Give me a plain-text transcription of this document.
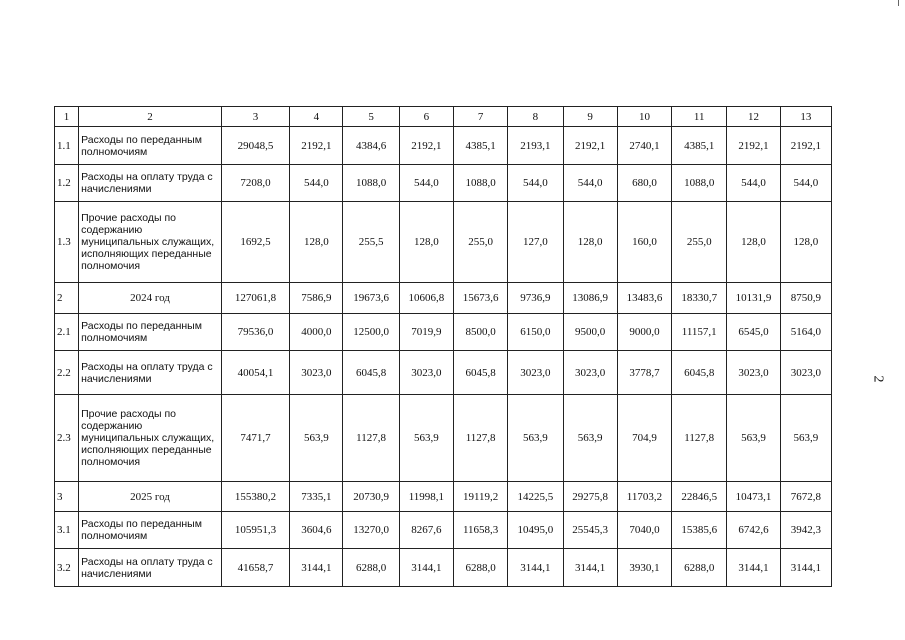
1	2	3	4	5	6	7	8	9	10	11	12	13
1.1	Расходы по переданным полномочиям	29048,5	2192,1	4384,6	2192,1	4385,1	2193,1	2192,1	2740,1	4385,1	2192,1	2192,1
1.2	Расходы на оплату труда с начислениями	7208,0	544,0	1088,0	544,0	1088,0	544,0	544,0	680,0	1088,0	544,0	544,0
1.3	Прочие расходы по содержанию муниципальных служащих, исполняющих переданные полномочия	1692,5	128,0	255,5	128,0	255,0	127,0	128,0	160,0	255,0	128,0	128,0
2	2024 год	127061,8	7586,9	19673,6	10606,8	15673,6	9736,9	13086,9	13483,6	18330,7	10131,9	8750,9
2.1	Расходы по переданным полномочиям	79536,0	4000,0	12500,0	7019,9	8500,0	6150,0	9500,0	9000,0	11157,1	6545,0	5164,0
2.2	Расходы на оплату труда с начислениями	40054,1	3023,0	6045,8	3023,0	6045,8	3023,0	3023,0	3778,7	6045,8	3023,0	3023,0
2.3	Прочие расходы по содержанию муниципальных служащих, исполняющих переданные полномочия	7471,7	563,9	1127,8	563,9	1127,8	563,9	563,9	704,9	1127,8	563,9	563,9
3	2025 год	155380,2	7335,1	20730,9	11998,1	19119,2	14225,5	29275,8	11703,2	22846,5	10473,1	7672,8
3.1	Расходы по переданным полномочиям	105951,3	3604,6	13270,0	8267,6	11658,3	10495,0	25545,3	7040,0	15385,6	6742,6	3942,3
3.2	Расходы на оплату труда с начислениями	41658,7	3144,1	6288,0	3144,1	6288,0	3144,1	3144,1	3930,1	6288,0	3144,1	3144,1
2
